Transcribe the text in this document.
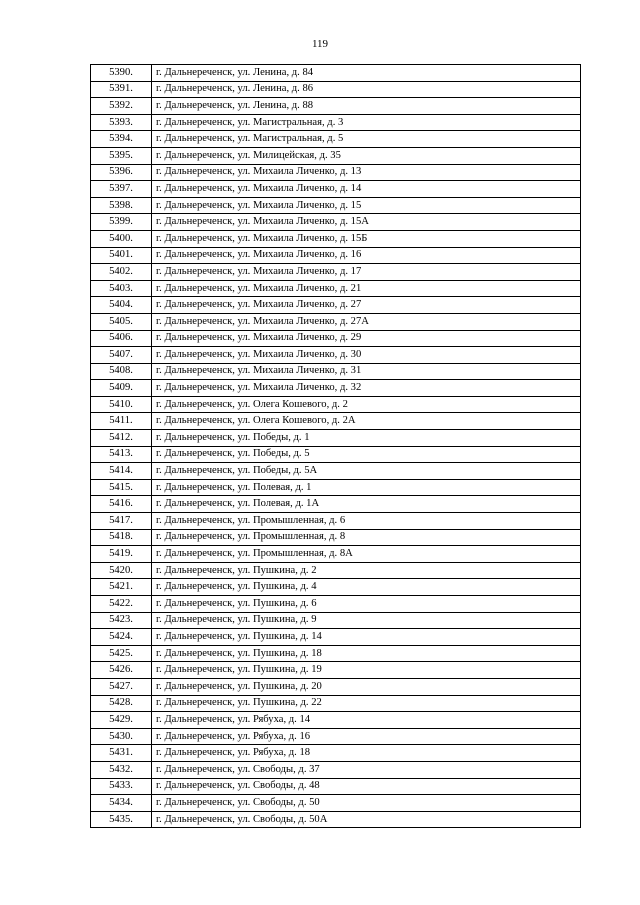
119
5390.	г. Дальнереченск, ул. Ленина, д. 84
5391.	г. Дальнереченск, ул. Ленина, д. 86
5392.	г. Дальнереченск, ул. Ленина, д. 88
5393.	г. Дальнереченск, ул. Магистральная, д. 3
5394.	г. Дальнереченск, ул. Магистральная, д. 5
5395.	г. Дальнереченск, ул. Милицейская, д. 35
5396.	г. Дальнереченск, ул. Михаила Личенко, д. 13
5397.	г. Дальнереченск, ул. Михаила Личенко, д. 14
5398.	г. Дальнереченск, ул. Михаила Личенко, д. 15
5399.	г. Дальнереченск, ул. Михаила Личенко, д. 15А
5400.	г. Дальнереченск, ул. Михаила Личенко, д. 15Б
5401.	г. Дальнереченск, ул. Михаила Личенко, д. 16
5402.	г. Дальнереченск, ул. Михаила Личенко, д. 17
5403.	г. Дальнереченск, ул. Михаила Личенко, д. 21
5404.	г. Дальнереченск, ул. Михаила Личенко, д. 27
5405.	г. Дальнереченск, ул. Михаила Личенко, д. 27А
5406.	г. Дальнереченск, ул. Михаила Личенко, д. 29
5407.	г. Дальнереченск, ул. Михаила Личенко, д. 30
5408.	г. Дальнереченск, ул. Михаила Личенко, д. 31
5409.	г. Дальнереченск, ул. Михаила Личенко, д. 32
5410.	г. Дальнереченск, ул. Олега Кошевого, д. 2
5411.	г. Дальнереченск, ул. Олега Кошевого, д. 2А
5412.	г. Дальнереченск, ул. Победы, д. 1
5413.	г. Дальнереченск, ул. Победы, д. 5
5414.	г. Дальнереченск, ул. Победы, д. 5А
5415.	г. Дальнереченск, ул. Полевая, д. 1
5416.	г. Дальнереченск, ул. Полевая, д. 1А
5417.	г. Дальнереченск, ул. Промышленная, д. 6
5418.	г. Дальнереченск, ул. Промышленная, д. 8
5419.	г. Дальнереченск, ул. Промышленная, д. 8А
5420.	г. Дальнереченск, ул. Пушкина, д. 2
5421.	г. Дальнереченск, ул. Пушкина, д. 4
5422.	г. Дальнереченск, ул. Пушкина, д. 6
5423.	г. Дальнереченск, ул. Пушкина, д. 9
5424.	г. Дальнереченск, ул. Пушкина, д. 14
5425.	г. Дальнереченск, ул. Пушкина, д. 18
5426.	г. Дальнереченск, ул. Пушкина, д. 19
5427.	г. Дальнереченск, ул. Пушкина, д. 20
5428.	г. Дальнереченск, ул. Пушкина, д. 22
5429.	г. Дальнереченск, ул. Рябуха, д. 14
5430.	г. Дальнереченск, ул. Рябуха, д. 16
5431.	г. Дальнереченск, ул. Рябуха, д. 18
5432.	г. Дальнереченск, ул. Свободы, д. 37
5433.	г. Дальнереченск, ул. Свободы, д. 48
5434.	г. Дальнереченск, ул. Свободы, д. 50
5435.	г. Дальнереченск, ул. Свободы, д. 50А
